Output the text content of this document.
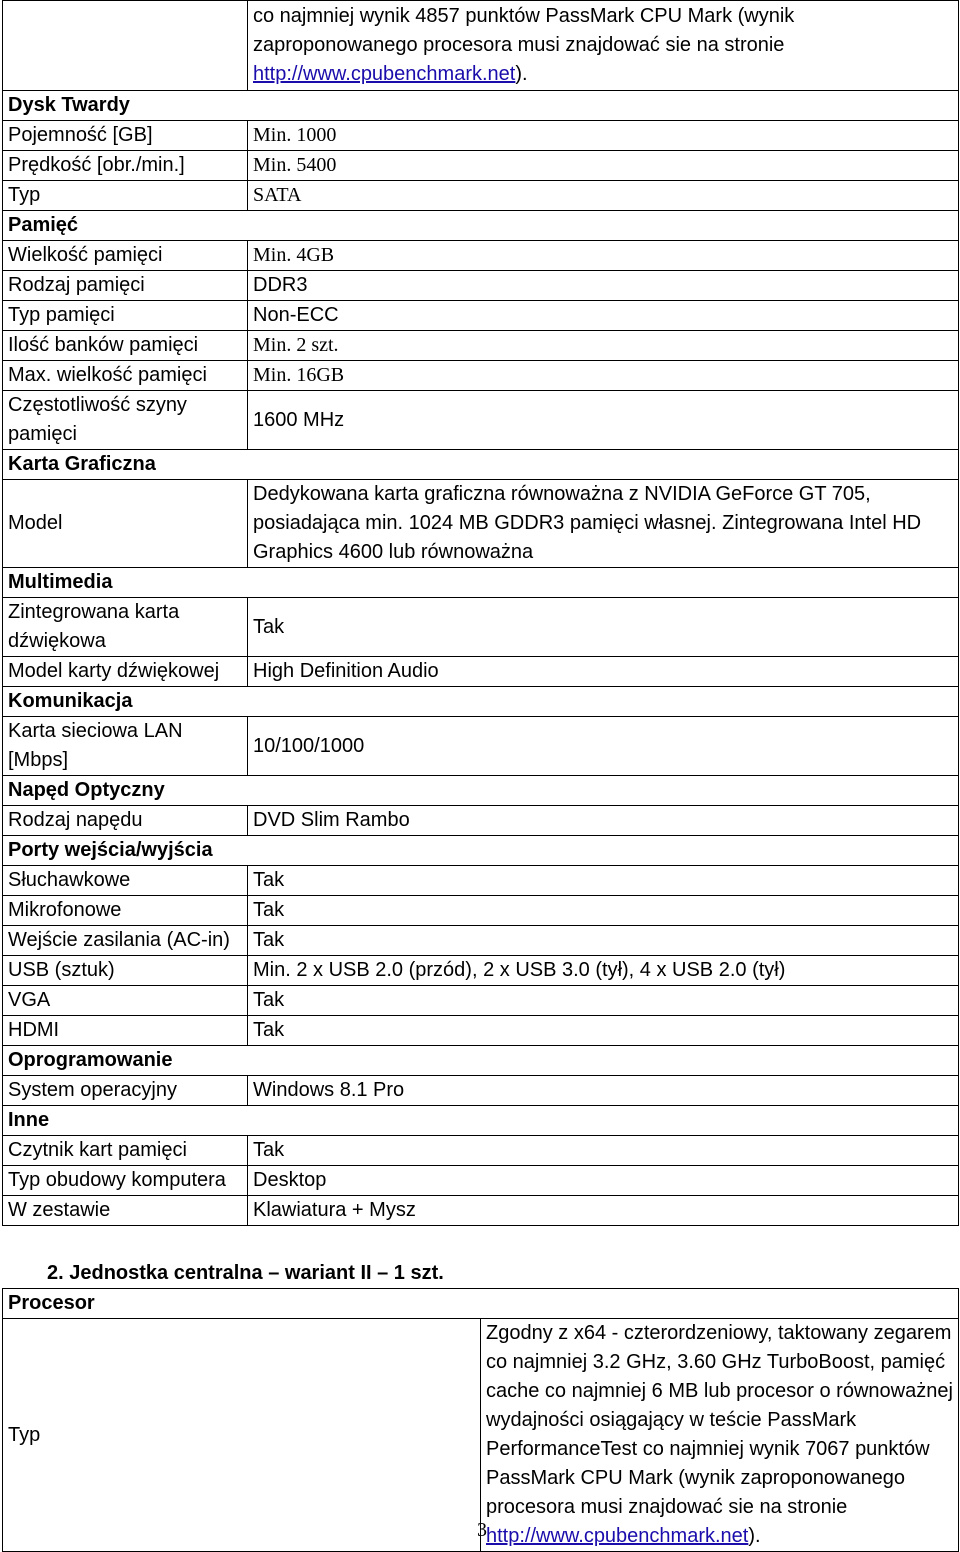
	co najmniej wynik 4857 punktów PassMark CPU Mark (wynik zaproponowanego procesora musi znajdować sie na stronie http://www.cpubenchmark.net).
Dysk Twardy	
Pojemność [GB]	Min. 1000
Prędkość [obr./min.]	Min. 5400
Typ	SATA
Pamięć	
Wielkość pamięci	Min. 4GB
Rodzaj pamięci	DDR3
Typ pamięci	Non-ECC
Ilość banków pamięci	Min. 2 szt.
Max. wielkość pamięci	Min. 16GB
Częstotliwość szyny pamięci	1600 MHz
Karta Graficzna	
Model	Dedykowana karta graficzna równoważna z NVIDIA GeForce GT 705, posiadająca min. 1024 MB GDDR3 pamięci własnej. Zintegrowana Intel HD Graphics 4600 lub równoważna
Multimedia	
Zintegrowana karta dźwiękowa	Tak
Model karty dźwiękowej	High Definition Audio
Komunikacja	
Karta sieciowa LAN [Mbps]	10/100/1000
Napęd Optyczny	
Rodzaj napędu	DVD Slim Rambo
Porty wejścia/wyjścia	
Słuchawkowe	Tak
Mikrofonowe	Tak
Wejście zasilania (AC-in)	Tak
USB (sztuk)	Min. 2 x USB 2.0 (przód), 2 x USB 3.0 (tył), 4 x USB 2.0 (tył)
VGA	Tak
HDMI	Tak
Oprogramowanie	
System operacyjny	Windows 8.1 Pro
Inne	
Czytnik kart pamięci	Tak
Typ obudowy komputera	Desktop
W zestawie	Klawiatura + Mysz
2. Jednostka centralna – wariant II – 1 szt.
Procesor
Typ	Zgodny z x64 - czterordzeniowy, taktowany zegarem co najmniej 3.2 GHz, 3.60 GHz TurboBoost, pamięć cache co najmniej 6 MB lub procesor o równoważnej wydajności osiągający w teście PassMark PerformanceTest co najmniej wynik 7067 punktów PassMark CPU Mark (wynik zaproponowanego procesora musi znajdować sie na stronie http://www.cpubenchmark.net).
3
